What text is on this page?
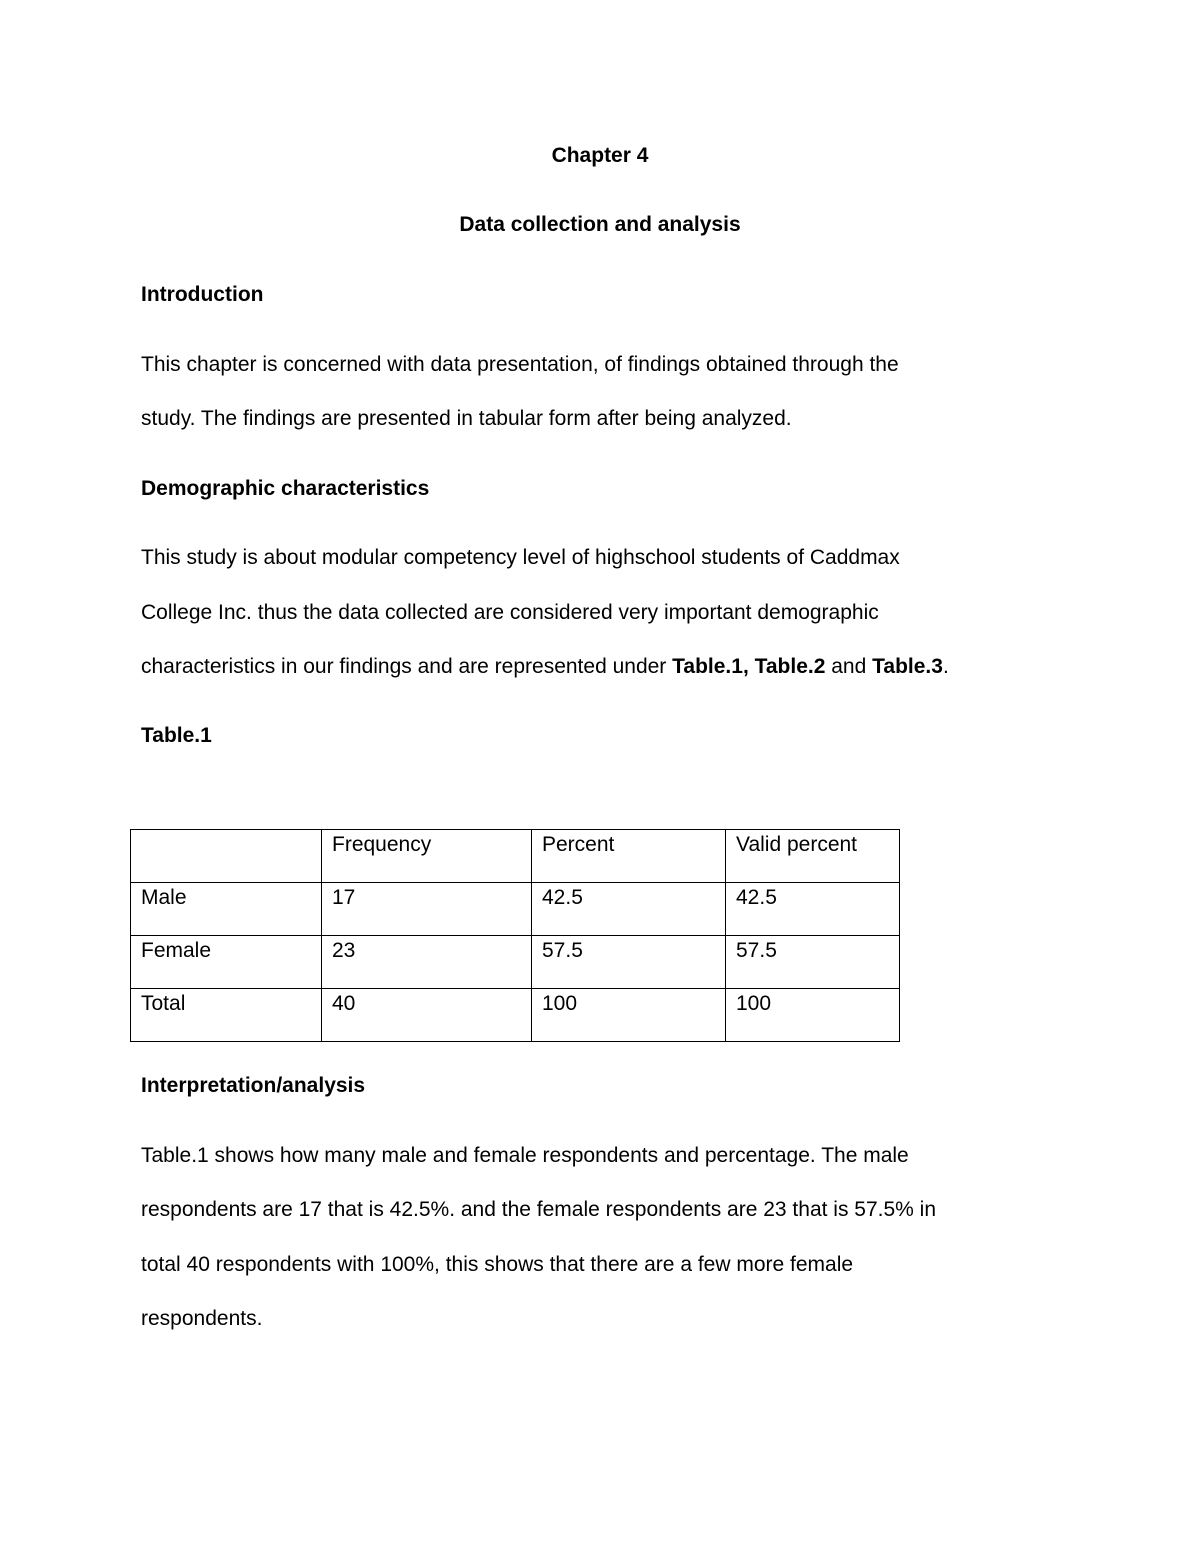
Chapter 4
Data collection and analysis
Introduction
This chapter is concerned with data presentation, of findings obtained through the
study. The findings are presented in tabular form after being analyzed.
Demographic characteristics
This study is about modular competency level of highschool students of Caddmax
College Inc. thus the data collected are considered very important demographic
characteristics in our findings and are represented under Table.1, Table.2 and Table.3.
Table.1
	Frequency	Percent	Valid percent
Male	17	42.5	42.5
Female	23	57.5	57.5
Total	40	100	100
Interpretation/analysis
Table.1 shows how many male and female respondents and percentage. The male
respondents are 17 that is 42.5%. and the female respondents are 23 that is 57.5% in
total 40 respondents with 100%, this shows that there are a few more female
respondents.
